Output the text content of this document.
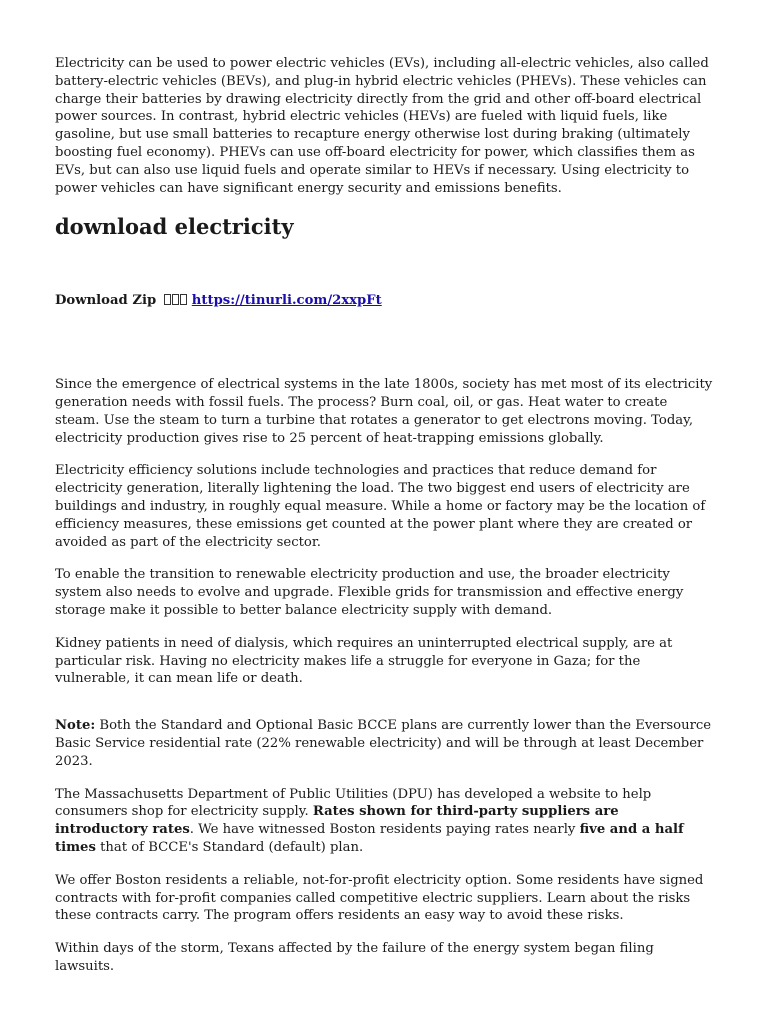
Electricity can be used to power electric vehicles (EVs), including all-electric vehicles, also called battery-electric vehicles (BEVs), and plug-in hybrid electric vehicles (PHEVs). These vehicles can charge their batteries by drawing electricity directly from the grid and other off-board electrical power sources. In contrast, hybrid electric vehicles (HEVs) are fueled with liquid fuels, like gasoline, but use small batteries to recapture energy otherwise lost during braking (ultimately boosting fuel economy). PHEVs can use off-board electricity for power, which classifies them as EVs, but can also use liquid fuels and operate similar to HEVs if necessary. Using electricity to power vehicles can have significant energy security and emissions benefits.

download electricity
Download Zip	https://tinurli.com/2xxpFt

Since the emergence of electrical systems in the late 1800s, society has met most of its electricity generation needs with fossil fuels. The process? Burn coal, oil, or gas. Heat water to create steam. Use the steam to turn a turbine that rotates a generator to get electrons moving. Today, electricity production gives rise to 25 percent of heat-trapping emissions globally.

Electricity efficiency solutions include technologies and practices that reduce demand for electricity generation, literally lightening the load. The two biggest end users of electricity are buildings and industry, in roughly equal measure. While a home or factory may be the location of efficiency measures, these emissions get counted at the power plant where they are created or avoided as part of the electricity sector.

To enable the transition to renewable electricity production and use, the broader electricity system also needs to evolve and upgrade. Flexible grids for transmission and effective energy storage make it possible to better balance electricity supply with demand.

Kidney patients in need of dialysis, which requires an uninterrupted electrical supply, are at particular risk. Having no electricity makes life a struggle for everyone in Gaza; for the vulnerable, it can mean life or death.

Note: Both the Standard and Optional Basic BCCE plans are currently lower than the Eversource Basic Service residential rate (22% renewable electricity) and will be through at least December 2023.

The Massachusetts Department of Public Utilities (DPU) has developed a website to help consumers shop for electricity supply. Rates shown for third-party suppliers are introductory rates. We have witnessed Boston residents paying rates nearly five and a half times that of BCCE's Standard (default) plan.

We offer Boston residents a reliable, not-for-profit electricity option. Some residents have signed contracts with for-profit companies called competitive electric suppliers. Learn about the risks these contracts carry. The program offers residents an easy way to avoid these risks.

Within days of the storm, Texans affected by the failure of the energy system began filing lawsuits.
